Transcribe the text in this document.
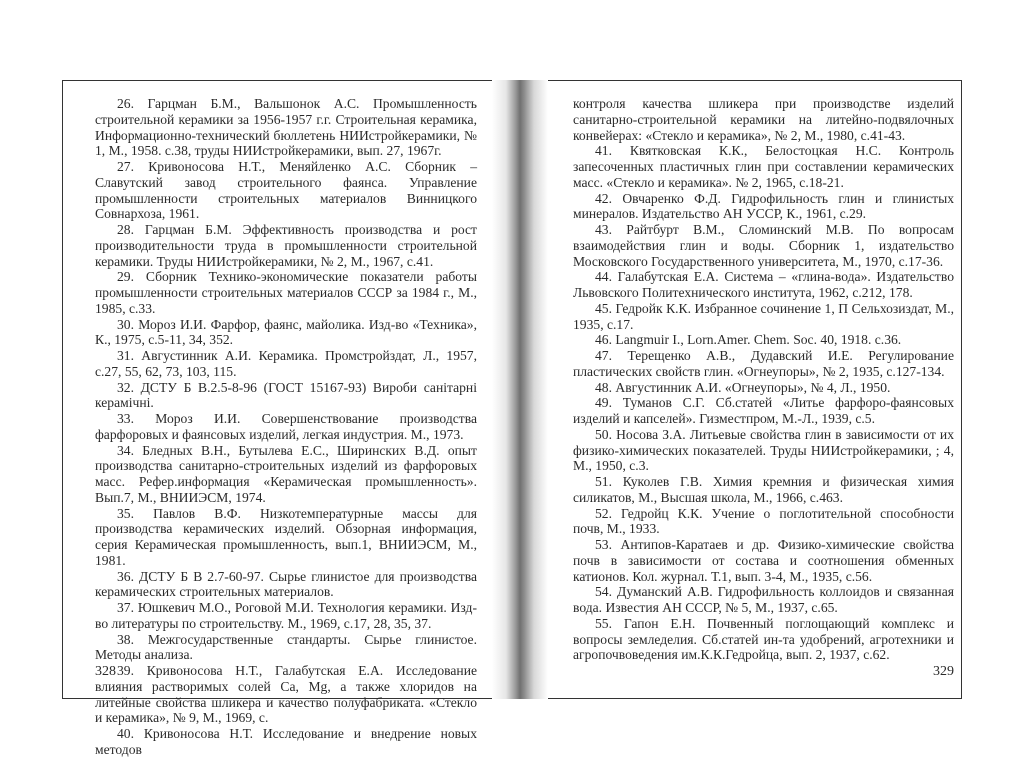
26. Гарцман Б.М., Вальшонок А.С. Промышленность строительной керамики за 1956-1957 г.г. Строительная керамика, Информационно-технический бюллетень НИИстройкерамики, № 1, М., 1958. с.38, труды НИИстройкерамики, вып. 27, 1967г.

27. Кривоносова Н.Т., Меняйленко А.С. Сборник – Славутский завод строительного фаянса. Управление промышленности строительных материалов Винницкого Совнархоза, 1961.

28. Гарцман Б.М. Эффективность производства и рост производительности труда в промышленности строительной керамики. Труды НИИстройкерамики, № 2, М., 1967, с.41.

29. Сборник Технико-экономические показатели работы промышленности строительных материалов СССР за 1984 г., М., 1985, с.33.

30. Мороз И.И. Фарфор, фаянс, майолика. Изд-во «Техника», К., 1975, с.5-11, 34, 352.

31. Августинник А.И. Керамика. Промстройздат, Л., 1957, с.27, 55, 62, 73, 103, 115.

32. ДСТУ Б В.2.5-8-96 (ГОСТ 15167-93) Вироби санітарні керамічні.

33. Мороз И.И. Совершенствование производства фарфоровых и фаянсовых изделий, легкая индустрия. М., 1973.

34. Бледных В.Н., Бутылева Е.С., Ширинских В.Д. опыт производства санитарно-строительных изделий из фарфоровых масс. Рефер.информация «Керамическая промышленность». Вып.7, М., ВНИИЭСМ, 1974.

35. Павлов В.Ф. Низкотемпературные массы для производства керамических изделий. Обзорная информация, серия Керамическая промышленность, вып.1, ВНИИЭСМ, М., 1981.

36. ДСТУ Б В 2.7-60-97. Сырье глинистое для производства керамических строительных материалов.

37. Юшкевич М.О., Роговой М.И. Технология керамики. Изд-во литературы по строительству. М., 1969, с.17, 28, 35, 37.

38. Межгосударственные стандарты. Сырье глинистое. Методы анализа.

39. Кривоносова Н.Т., Галабутская Е.А. Исследование влияния растворимых солей Ca, Mg, а также хлоридов на литейные свойства шликера и качество полуфабриката. «Стекло и керамика», № 9, М., 1969, с.

40. Кривоносова Н.Т. Исследование и внедрение новых методов

328

контроля качества шликера при производстве изделий санитарно-строительной керамики на литейно-подвялочных конвейерах: «Стекло и керамика», № 2, М., 1980, с.41-43.

41. Квятковская К.К., Белостоцкая Н.С. Контроль запесоченных пластичных глин при составлении керамических масс. «Стекло и керамика». № 2, 1965, с.18-21.

42. Овчаренко Ф.Д. Гидрофильность глин и глинистых минералов. Издательство АН УССР, К., 1961, с.29.

43. Райтбурт В.М., Сломинский М.В. По вопросам взаимодействия глин и воды. Сборник 1, издательство Московского Государственного университета, М., 1970, с.17-36.

44. Галабутская Е.А. Система – «глина-вода». Издательство Львовского Политехнического института, 1962, с.212, 178.

45. Гедройк К.К. Избранное сочинение 1, П Сельхозиздат, М., 1935, с.17.

46. Langmuir I., Lorn.Amer. Chem. Soc. 40, 1918. с.36.

47. Терещенко А.В., Дудавский И.Е. Регулирование пластических свойств глин. «Огнеупоры», № 2, 1935, с.127-134.

48. Августинник А.И. «Огнеупоры», № 4, Л., 1950.

49. Туманов С.Г. Сб.статей «Литье фарфоро-фаянсовых изделий и капселей». Гизместпром, М.-Л., 1939, с.5.

50. Носова З.А. Литьевые свойства глин в зависимости от их физико-химических показателей. Труды НИИстройкерамики, ; 4, М., 1950, с.3.

51. Куколев Г.В. Химия кремния и физическая химия силикатов, М., Высшая школа, М., 1966, с.463.

52. Гедройц К.К. Учение о поглотительной способности почв, М., 1933.

53. Антипов-Каратаев и др. Физико-химические свойства почв в зависимости от состава и соотношения обменных катионов. Кол. журнал. Т.1, вып. 3-4, М., 1935, с.56.

54. Думанский А.В. Гидрофильность коллоидов и связанная вода. Известия АН СССР, № 5, М., 1937, с.65.

55. Гапон Е.Н. Почвенный поглощающий комплекс и вопросы земледелия. Сб.статей ин-та удобрений, агротехники и агропочвоведения им.К.К.Гедройца, вып. 2, 1937, с.62.

329
